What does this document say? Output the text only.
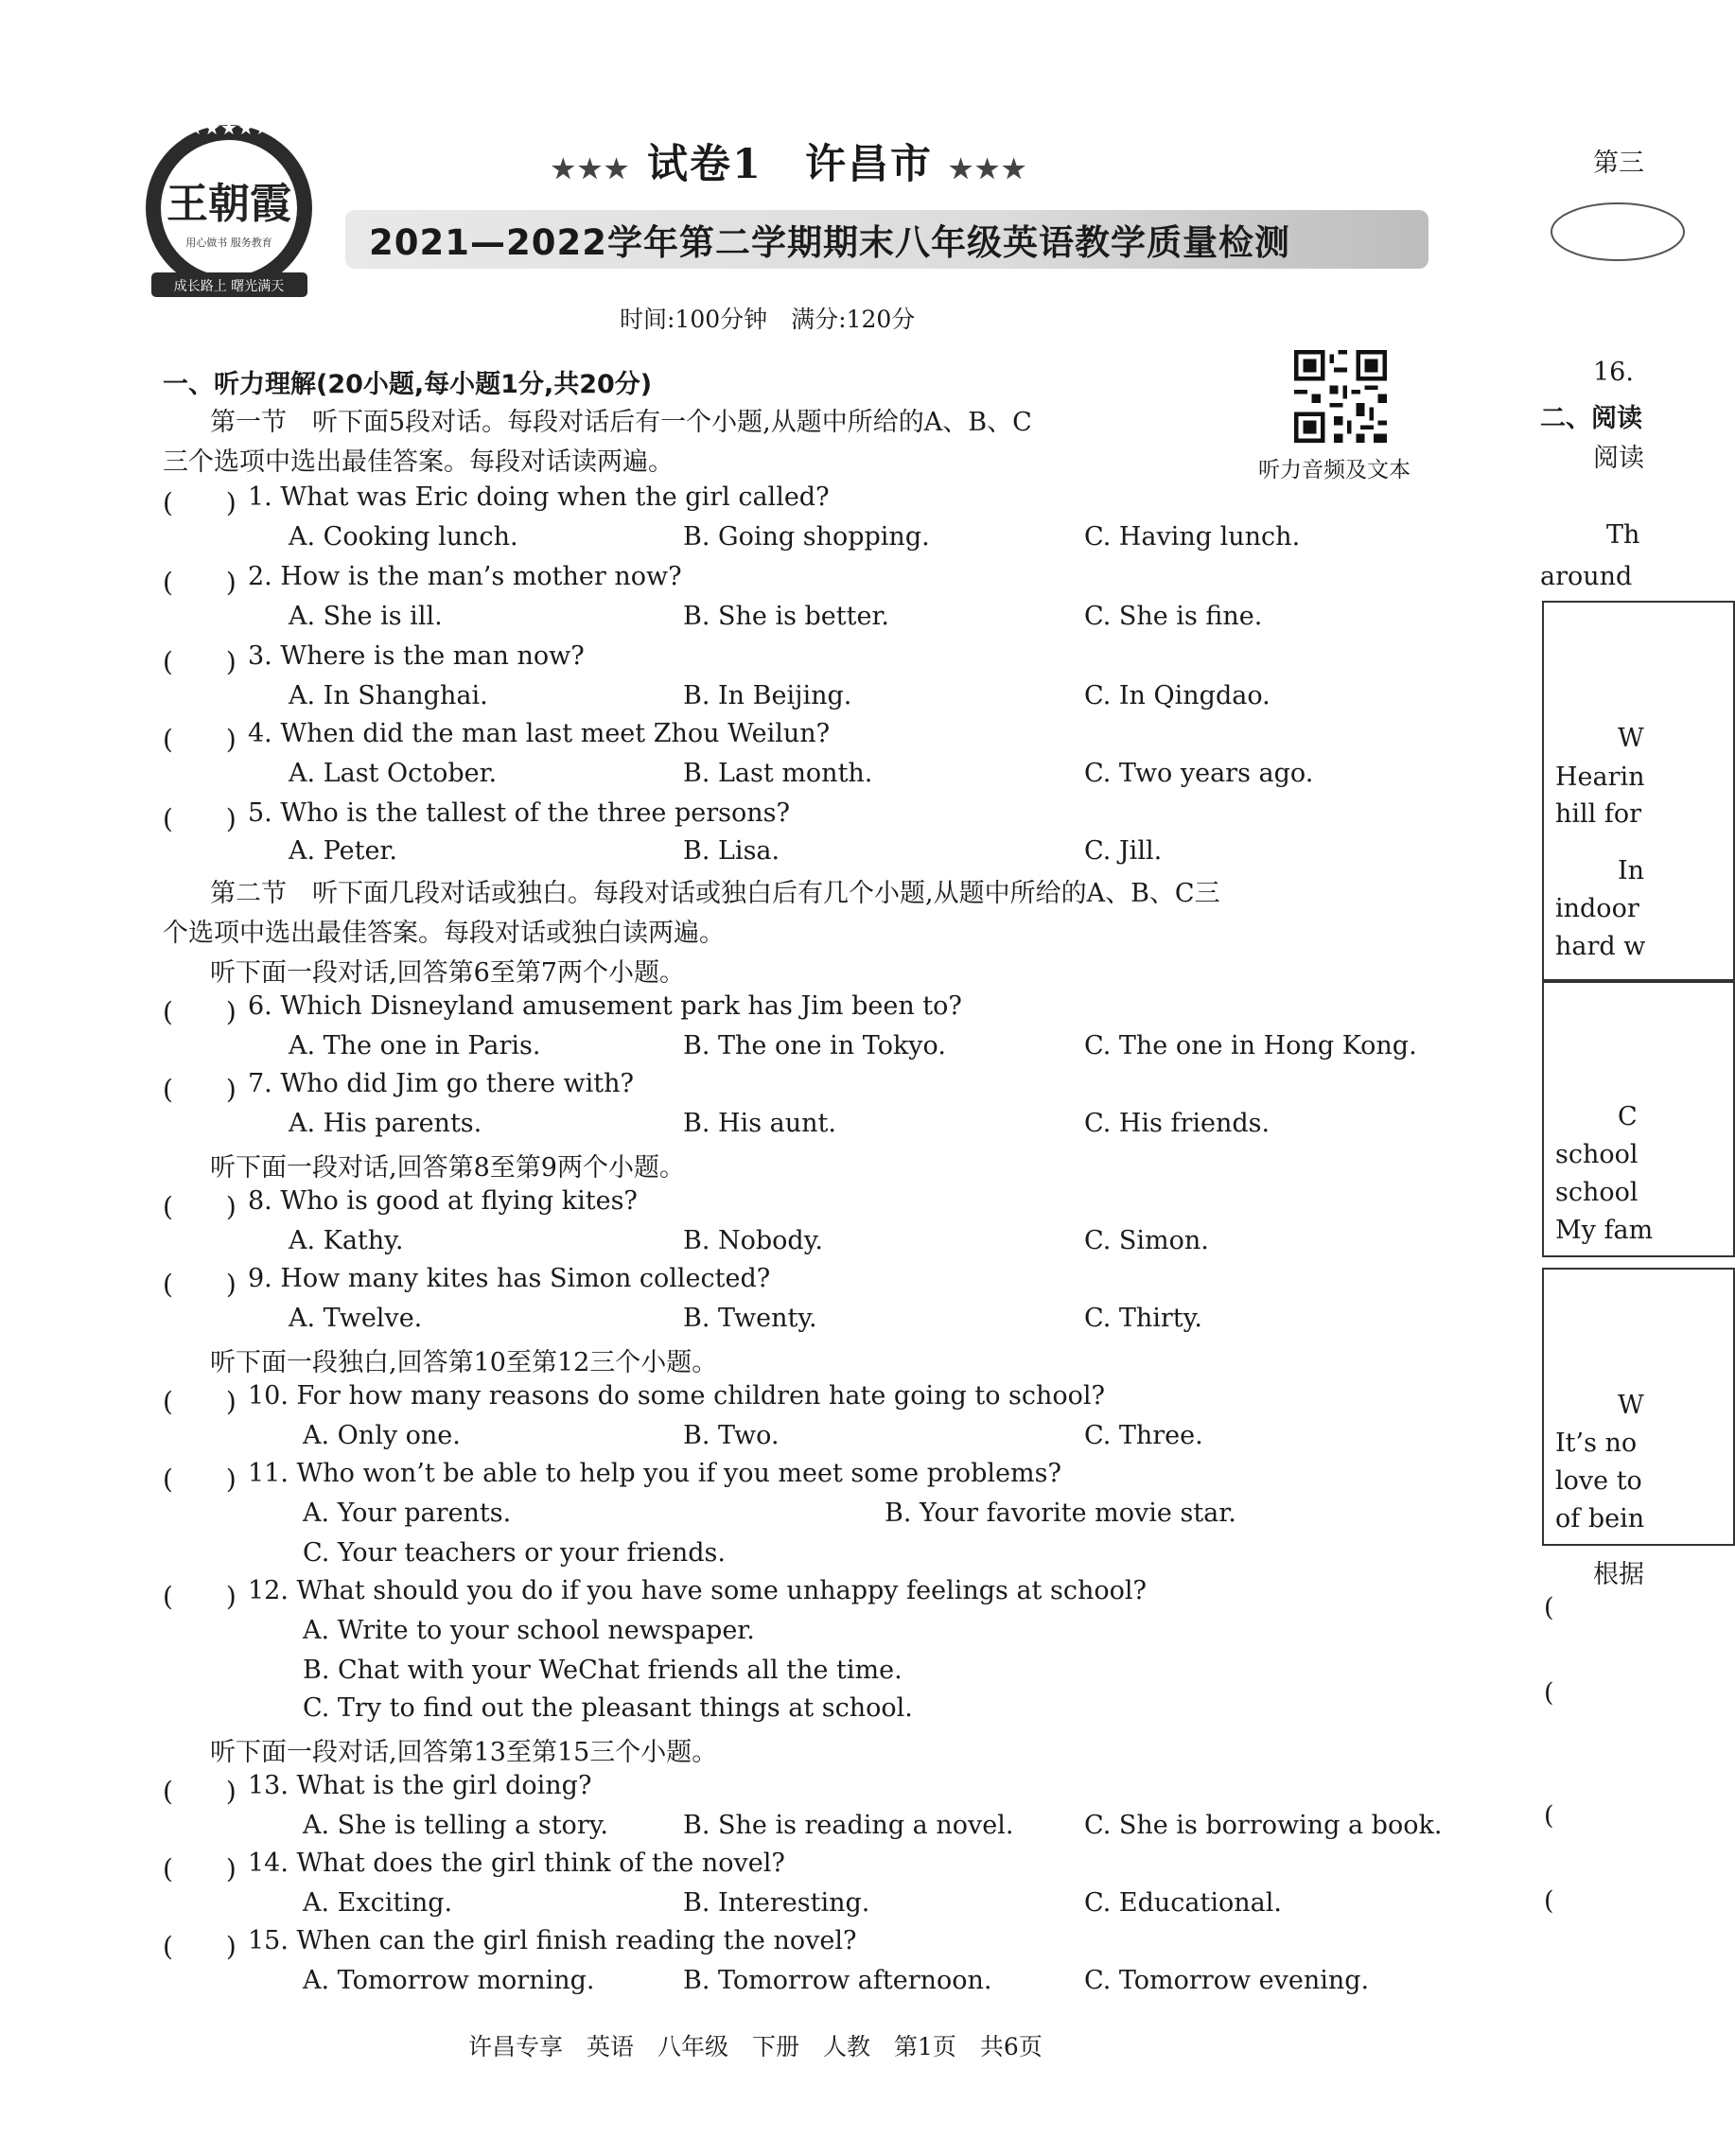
★★★★★
王朝霞
用心做书 服务教育
成长路上 曙光满天
★★★ 试卷1　许昌市 ★★★
2021—2022学年第二学期期末八年级英语教学质量检测
时间:100分钟　满分:120分
听力音频及文本
一、听力理解(20小题,每小题1分,共20分)
第一节　听下面5段对话。每段对话后有一个小题,从题中所给的A、B、C
三个选项中选出最佳答案。每段对话读两遍。
(　　) 1. What was Eric doing when the girl called?
A. Cooking lunch.	B. Going shopping.	C. Having lunch.
(　　) 2. How is the man’s mother now?
A. She is ill.	B. She is better.	C. She is fine.
(　　) 3. Where is the man now?
A. In Shanghai.	B. In Beijing.	C. In Qingdao.
(　　) 4. When did the man last meet Zhou Weilun?
A. Last October.	B. Last month.	C. Two years ago.
(　　) 5. Who is the tallest of the three persons?
A. Peter.	B. Lisa.	C. Jill.
第二节　听下面几段对话或独白。每段对话或独白后有几个小题,从题中所给的A、B、C三
个选项中选出最佳答案。每段对话或独白读两遍。
听下面一段对话,回答第6至第7两个小题。
(　　) 6. Which Disneyland amusement park has Jim been to?
A. The one in Paris.	B. The one in Tokyo.	C. The one in Hong Kong.
(　　) 7. Who did Jim go there with?
A. His parents.	B. His aunt.	C. His friends.
听下面一段对话,回答第8至第9两个小题。
(　　) 8. Who is good at flying kites?
A. Kathy.	B. Nobody.	C. Simon.
(　　) 9. How many kites has Simon collected?
A. Twelve.	B. Twenty.	C. Thirty.
听下面一段独白,回答第10至第12三个小题。
(　　) 10. For how many reasons do some children hate going to school?
A. Only one.	B. Two.	C. Three.
(　　) 11. Who won’t be able to help you if you meet some problems?
A. Your parents.	B. Your favorite movie star.
C. Your teachers or your friends.
(　　) 12. What should you do if you have some unhappy feelings at school?
A. Write to your school newspaper.
B. Chat with your WeChat friends all the time.
C. Try to find out the pleasant things at school.
听下面一段对话,回答第13至第15三个小题。
(　　) 13. What is the girl doing?
A. She is telling a story.	B. She is reading a novel.	C. She is borrowing a book.
(　　) 14. What does the girl think of the novel?
A. Exciting.	B. Interesting.	C. Educational.
(　　) 15. When can the girl finish reading the novel?
A. Tomorrow morning.	B. Tomorrow afternoon.	C. Tomorrow evening.
许昌专享　英语　八年级　下册　人教　第1页　共6页
第三
16.
二、阅读
阅读
Th
around
W
Hearin
hill for
In
indoor
hard w
C
school
school
My fam
W
It’s no
love to
of bein
根据
(
(
(
(
